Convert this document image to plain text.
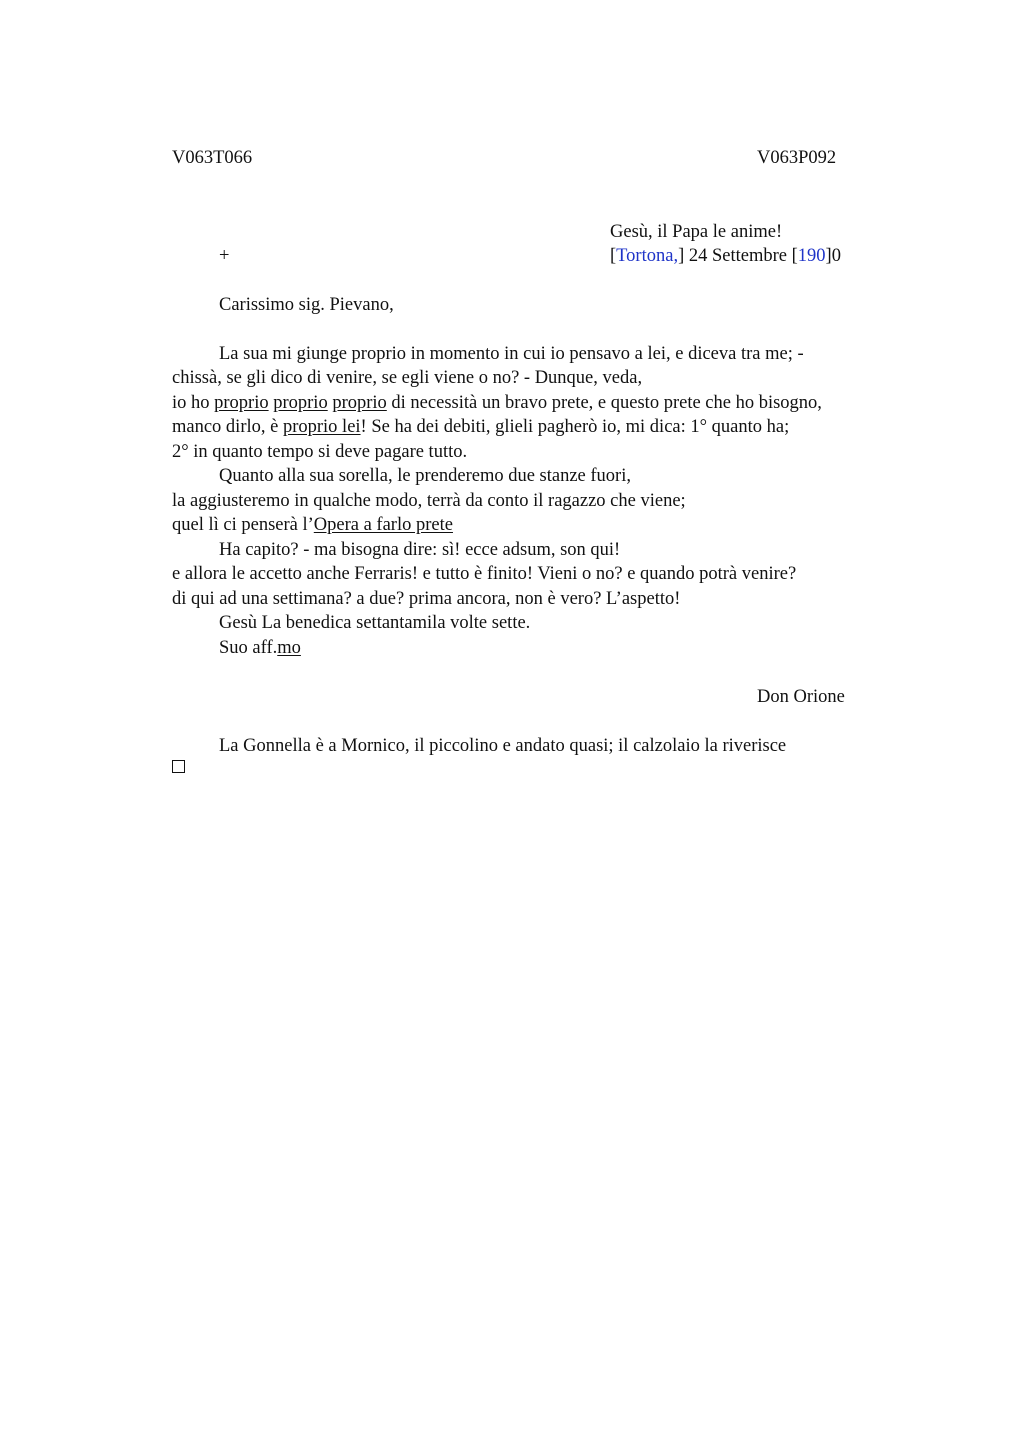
V063T066	V063P092
Gesù, il Papa le anime!
+	[Tortona,] 24 Settembre [190]0
Carissimo sig. Pievano,
La sua mi giunge proprio in momento in cui io pensavo a lei, e diceva tra me; -
chissà, se gli dico di venire, se egli viene o no? - Dunque, veda,
io ho proprio proprio proprio di necessità un bravo prete, e questo prete che ho bisogno,
manco dirlo, è proprio lei! Se ha dei debiti, glieli pagherò io, mi dica: 1° quanto ha;
2° in quanto tempo si deve pagare tutto.
Quanto alla sua sorella, le prenderemo due stanze fuori,
la aggiusteremo in qualche modo, terrà da conto il ragazzo che viene;
quel lì ci penserà l’Opera a farlo prete
Ha capito? - ma bisogna dire: sì! ecce adsum, son qui!
e allora le accetto anche Ferraris! e tutto è finito! Vieni o no? e quando potrà venire?
di qui ad una settimana? a due? prima ancora, non è vero? L’aspetto!
Gesù La benedica settantamila volte sette.
Suo aff.mo
Don Orione
La Gonnella è a Mornico, il piccolino e andato quasi; il calzolaio la riverisce
